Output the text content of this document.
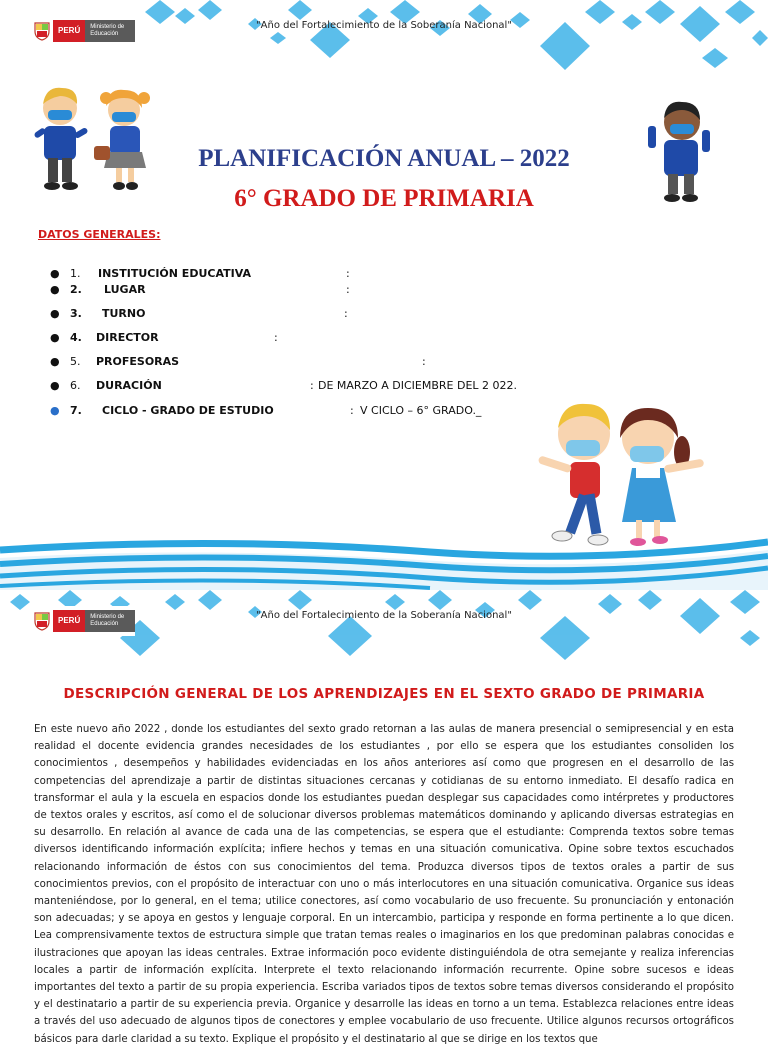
PERÚ	Ministerio de Educación
"Año del Fortalecimiento de la Soberanía Nacional"
PLANIFICACIÓN ANUAL – 2022
6° GRADO DE PRIMARIA
DATOS GENERALES:
● 1. INSTITUCIÓN EDUCATIVA	:
● 2. LUGAR	:
● 3. TURNO	:
● 4. DIRECTOR	:
● 5. PROFESORAS	:
● 6. DURACIÓN	: DE MARZO A DICIEMBRE DEL 2 022.
● 7. CICLO - GRADO DE ESTUDIO	: V CICLO – 6° GRADO._
PERÚ	Ministerio de Educación
"Año del Fortalecimiento de la Soberanía Nacional"
DESCRIPCIÓN GENERAL DE LOS APRENDIZAJES EN EL SEXTO GRADO DE PRIMARIA
En este nuevo año 2022 , donde los estudiantes del sexto grado retornan a las aulas de manera presencial o semipresencial y en esta realidad el docente evidencia grandes necesidades de los estudiantes , por ello se espera que los estudiantes consoliden los conocimientos , desempeños y habilidades evidenciadas en los años anteriores así como que progresen en el desarrollo de las competencias del aprendizaje a partir de distintas situaciones cercanas y cotidianas de su entorno inmediato. El desafío radica en transformar el aula y la escuela en espacios donde los estudiantes puedan desplegar sus capacidades como intérpretes y productores de textos orales y escritos, así como el de solucionar diversos problemas matemáticos dominando y aplicando diversas estrategias en su desarrollo. En relación al avance de cada una de las competencias, se espera que el estudiante: Comprenda textos sobre temas diversos identificando información explícita; infiere hechos y temas en una situación comunicativa. Opine sobre textos escuchados relacionando información de éstos con sus conocimientos del tema. Produzca diversos tipos de textos orales a partir de sus conocimientos previos, con el propósito de interactuar con uno o más interlocutores en una situación comunicativa. Organice sus ideas manteniéndose, por lo general, en el tema; utilice conectores, así como vocabulario de uso frecuente. Su pronunciación y entonación son adecuadas; y se apoya en gestos y lenguaje corporal. En un intercambio, participa y responde en forma pertinente a lo que dicen. Lea comprensivamente textos de estructura simple que tratan temas reales o imaginarios en los que predominan palabras conocidas e ilustraciones que apoyan las ideas centrales. Extrae información poco evidente distinguiéndola de otra semejante y realiza inferencias locales a partir de información explícita. Interprete el texto relacionando información recurrente. Opine sobre sucesos e ideas importantes del texto a partir de su propia experiencia. Escriba variados tipos de textos sobre temas diversos considerando el propósito y el destinatario a partir de su experiencia previa. Organice y desarrolle las ideas en torno a un tema. Establezca relaciones entre ideas a través del uso adecuado de algunos tipos de conectores y emplee vocabulario de uso frecuente. Utilice algunos recursos ortográficos básicos para darle claridad a su texto. Explique el propósito y el destinatario al que se dirige en los textos que
